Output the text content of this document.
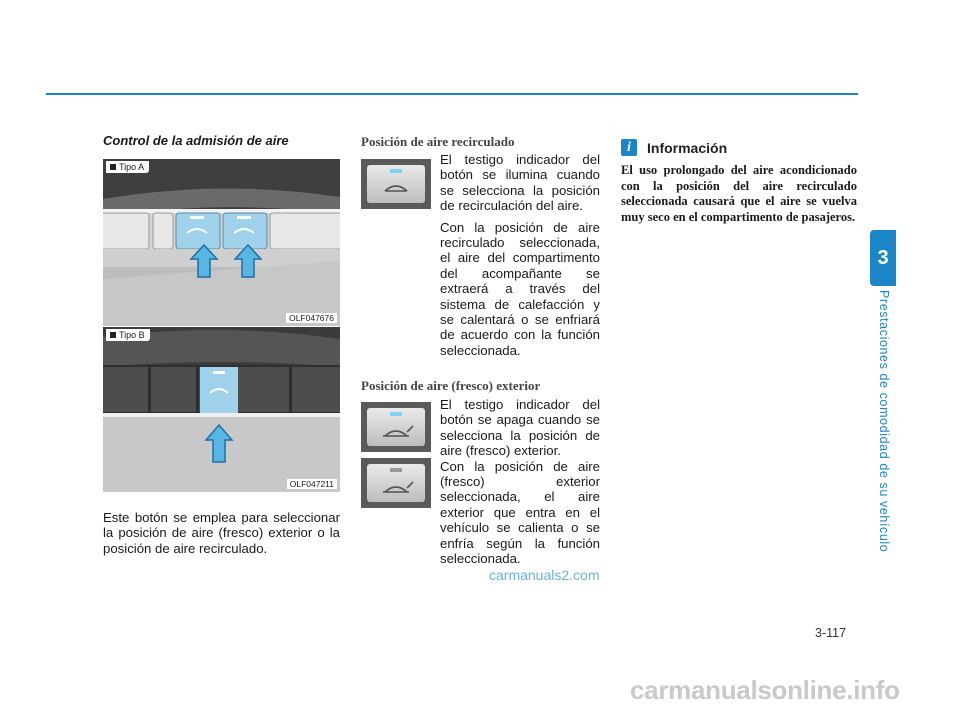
3
Prestaciones de comodidad de su vehículo
Control de la admisión de aire
Tipo A
OLF047676
Tipo B
OLF047211
Este botón se emplea para seleccionar la posición de aire (fresco) exterior o la posición de aire recirculado.
Posición de aire recirculado

El testigo indicador del botón se ilumina cuando se selecciona la posición de recirculación del aire.

Con la posición de aire recirculado seleccionada, el aire del compartimento del acompañante se extraerá a través del sistema de calefacción y se calentará o se enfriará de acuerdo con la función seleccionada.

Posición de aire (fresco) exterior

El testigo indicador del botón se apaga cuando se selecciona la posición de aire (fresco) exterior.

Con la posición de aire (fresco) exterior seleccionada, el aire exterior que entra en el vehículo se calienta o se enfría según la función seleccionada.

i	Información
El uso prolongado del aire acondicionado con la posición del aire recirculado seleccionada causará que el aire se vuelva muy seco en el compartimento de pasajeros.
3-117
carmanuals2.com
carmanualsonline.info
